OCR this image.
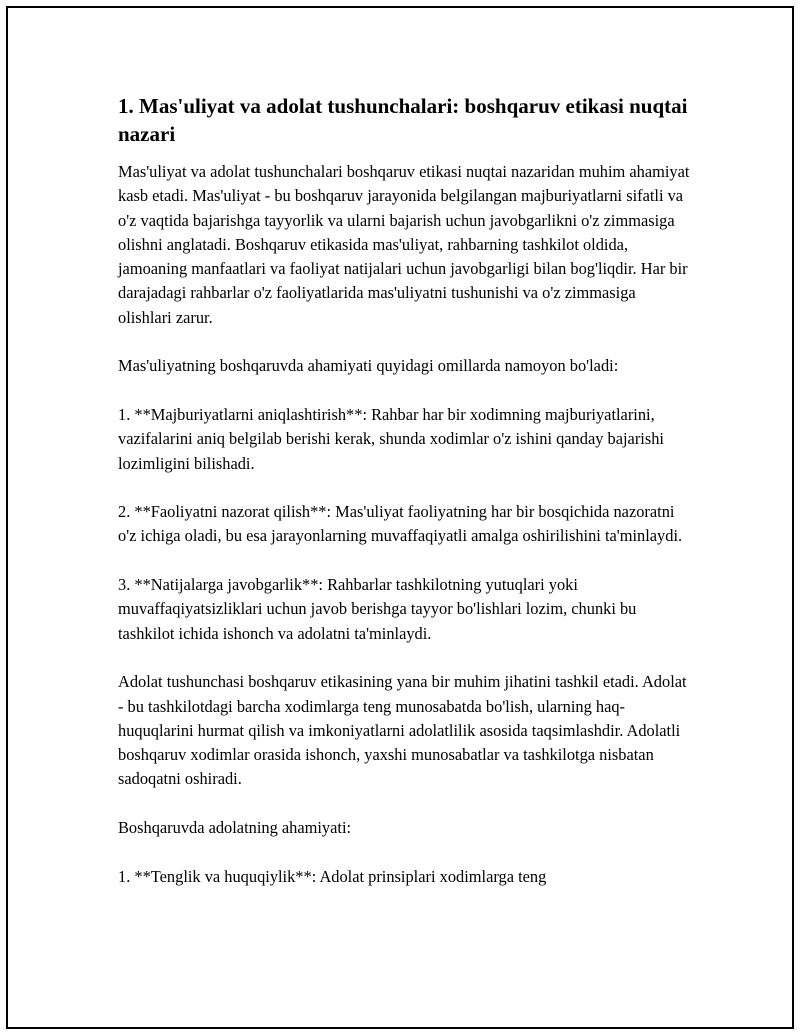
1. Mas'uliyat va adolat tushunchalari: boshqaruv etikasi nuqtai nazari

Mas'uliyat va adolat tushunchalari boshqaruv etikasi nuqtai nazaridan muhim ahamiyat kasb etadi. Mas'uliyat - bu boshqaruv jarayonida belgilangan majburiyatlarni sifatli va o'z vaqtida bajarishga tayyorlik va ularni bajarish uchun javobgarlikni o'z zimmasiga olishni anglatadi. Boshqaruv etikasida mas'uliyat, rahbarning tashkilot oldida, jamoaning manfaatlari va faoliyat natijalari uchun javobgarligi bilan bog'liqdir. Har bir darajadagi rahbarlar o'z faoliyatlarida mas'uliyatni tushunishi va o'z zimmasiga olishlari zarur.

Mas'uliyatning boshqaruvda ahamiyati quyidagi omillarda namoyon bo'ladi:

1. **Majburiyatlarni aniqlashtirish**: Rahbar har bir xodimning majburiyatlarini, vazifalarini aniq belgilab berishi kerak, shunda xodimlar o'z ishini qanday bajarishi lozimligini bilishadi.

2. **Faoliyatni nazorat qilish**: Mas'uliyat faoliyatning har bir bosqichida nazoratni o'z ichiga oladi, bu esa jarayonlarning muvaffaqiyatli amalga oshirilishini ta'minlaydi.

3. **Natijalarga javobgarlik**: Rahbarlar tashkilotning yutuqlari yoki muvaffaqiyatsizliklari uchun javob berishga tayyor bo'lishlari lozim, chunki bu tashkilot ichida ishonch va adolatni ta'minlaydi.

Adolat tushunchasi boshqaruv etikasining yana bir muhim jihatini tashkil etadi. Adolat - bu tashkilotdagi barcha xodimlarga teng munosabatda bo'lish, ularning haq-huquqlarini hurmat qilish va imkoniyatlarni adolatlilik asosida taqsimlashdir. Adolatli boshqaruv xodimlar orasida ishonch, yaxshi munosabatlar va tashkilotga nisbatan sadoqatni oshiradi.

Boshqaruvda adolatning ahamiyati:

1. **Tenglik va huquqiylik**: Adolat prinsiplari xodimlarga teng
